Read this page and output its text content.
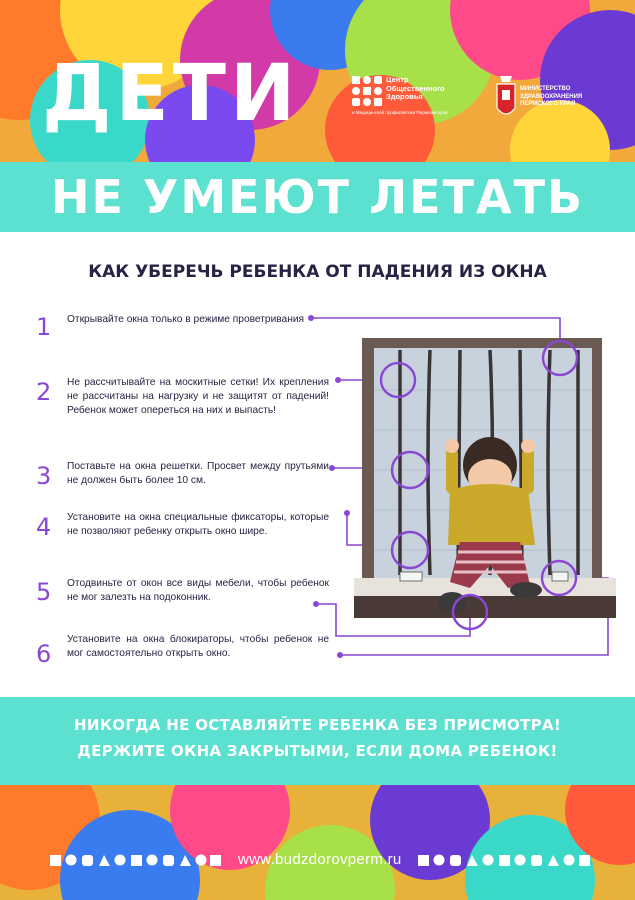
ДЕТИ	Центр
Общественного
Здоровья
и Медицинской профилактики Пермский край
МИНИСТЕРСТВО
ЗДРАВООХРАНЕНИЯ
ПЕРМСКОГО КРАЯ
НЕ УМЕЮТ ЛЕТАТЬ
КАК УБЕРЕЧЬ РЕБЕНКА ОТ ПАДЕНИЯ ИЗ ОКНА
1 Открывайте окна только в режиме проветривания
2 Не рассчитывайте на москитные сетки! Их крепления не рассчитаны на нагрузку и не защитят от падений! Ребенок может опереться на них и выпасть!
3 Поставьте на окна решетки. Просвет между прутьями не должен быть более 10 см.
4 Установите на окна специальные фиксаторы, которые не позволяют ребенку открыть окно шире.
5 Отодвиньте от окон все виды мебели, чтобы ребенок не мог залезть на подоконник.
6
Установите на окна блокираторы, чтобы ребенок не мог самостоятельно открыть окно.
НИКОГДА НЕ ОСТАВЛЯЙТЕ РЕБЕНКА БЕЗ ПРИСМОТРА!
ДЕРЖИТЕ ОКНА ЗАКРЫТЫМИ, ЕСЛИ ДОМА РЕБЕНОК!
www.budzdorovperm.ru
